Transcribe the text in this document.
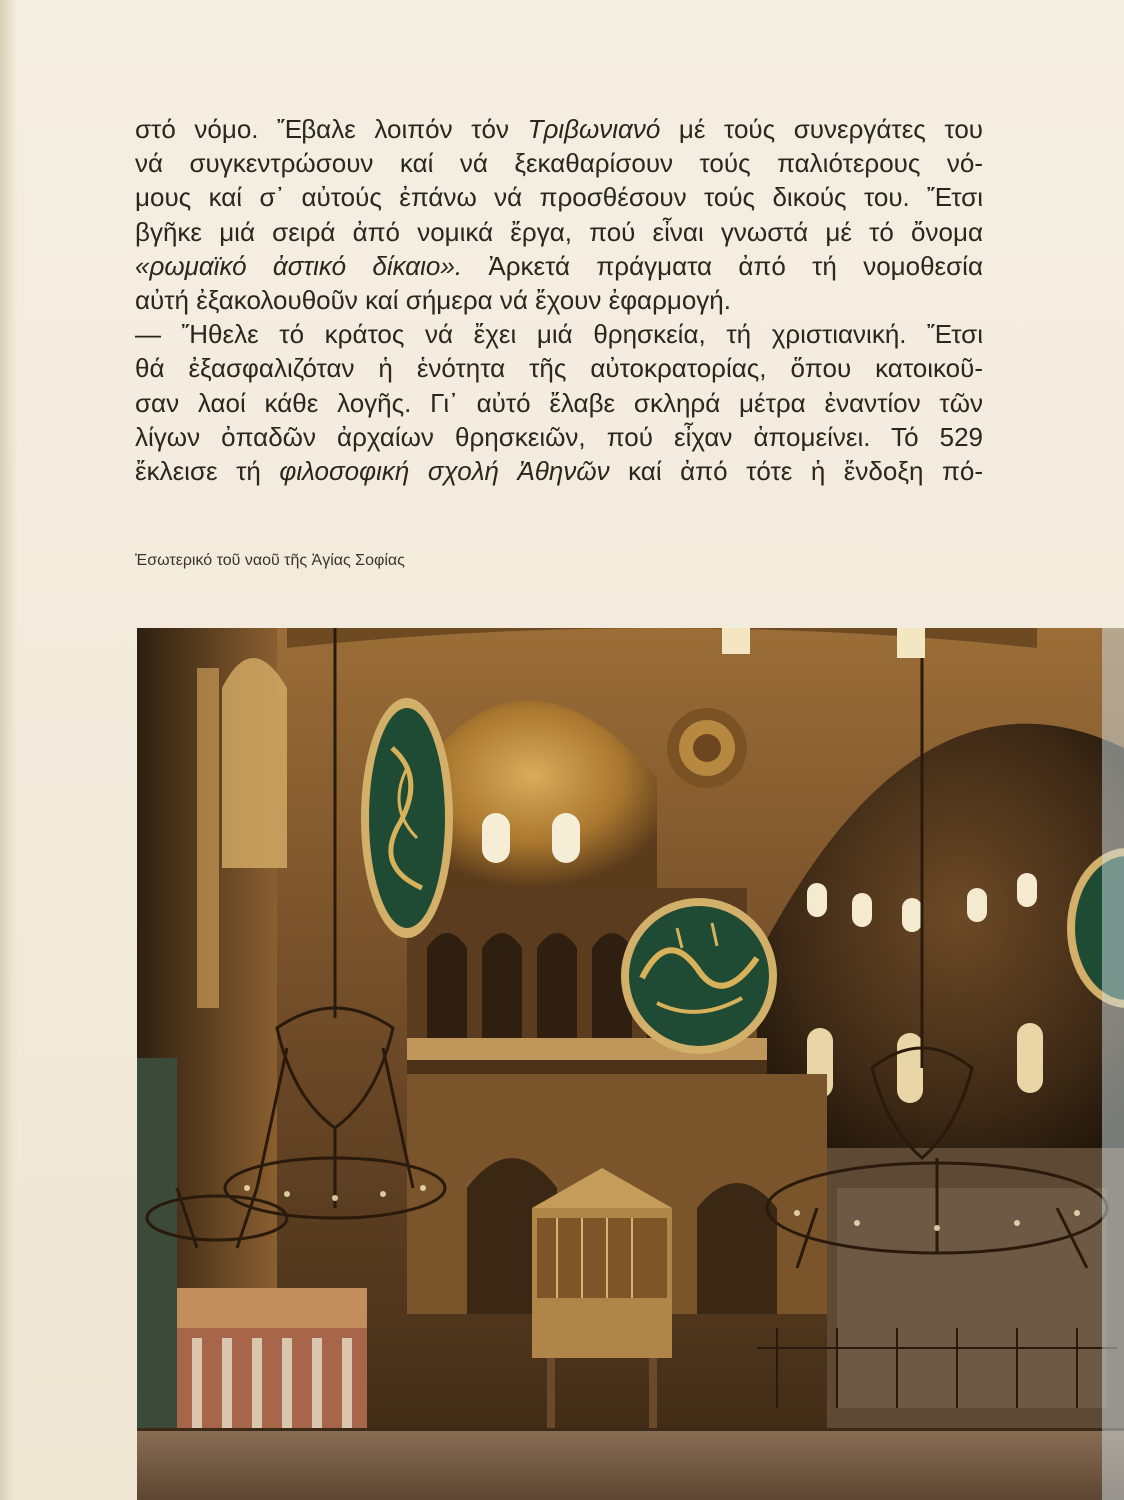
στό νόμο. Ἔβαλε λοιπόν τόν Τριβωνιανό μέ τούς συνεργάτες του
νά συγκεντρώσουν καί νά ξεκαθαρίσουν τούς παλιότερους νό-
μους καί σ᾽ αὐτούς ἐπάνω νά προσθέσουν τούς δικούς του. Ἔτσι
βγῆκε μιά σειρά ἀπό νομικά ἔργα, πού εἶναι γνωστά μέ τό ὄνομα
«ρωμαϊκό ἀστικό δίκαιο». Ἀρκετά πράγματα ἀπό τή νομοθεσία
αὐτή ἐξακολουθοῦν καί σήμερα νά ἔχουν ἐφαρμογή.
— Ἤθελε τό κράτος νά ἔχει μιά θρησκεία, τή χριστιανική. Ἔτσι
θά ἐξασφαλιζόταν ἡ ἑνότητα τῆς αὐτοκρατορίας, ὅπου κατοικοῦ-
σαν λαοί κάθε λογῆς. Γι᾽ αὐτό ἔλαβε σκληρά μέτρα ἐναντίον τῶν
λίγων ὀπαδῶν ἀρχαίων θρησκειῶν, πού εἶχαν ἀπομείνει. Τό 529
ἔκλεισε τή φιλοσοφική σχολή Ἀθηνῶν καί ἀπό τότε ἡ ἔνδοξη πό-
Ἐσωτερικό τοῦ ναοῦ τῆς Ἁγίας Σοφίας
